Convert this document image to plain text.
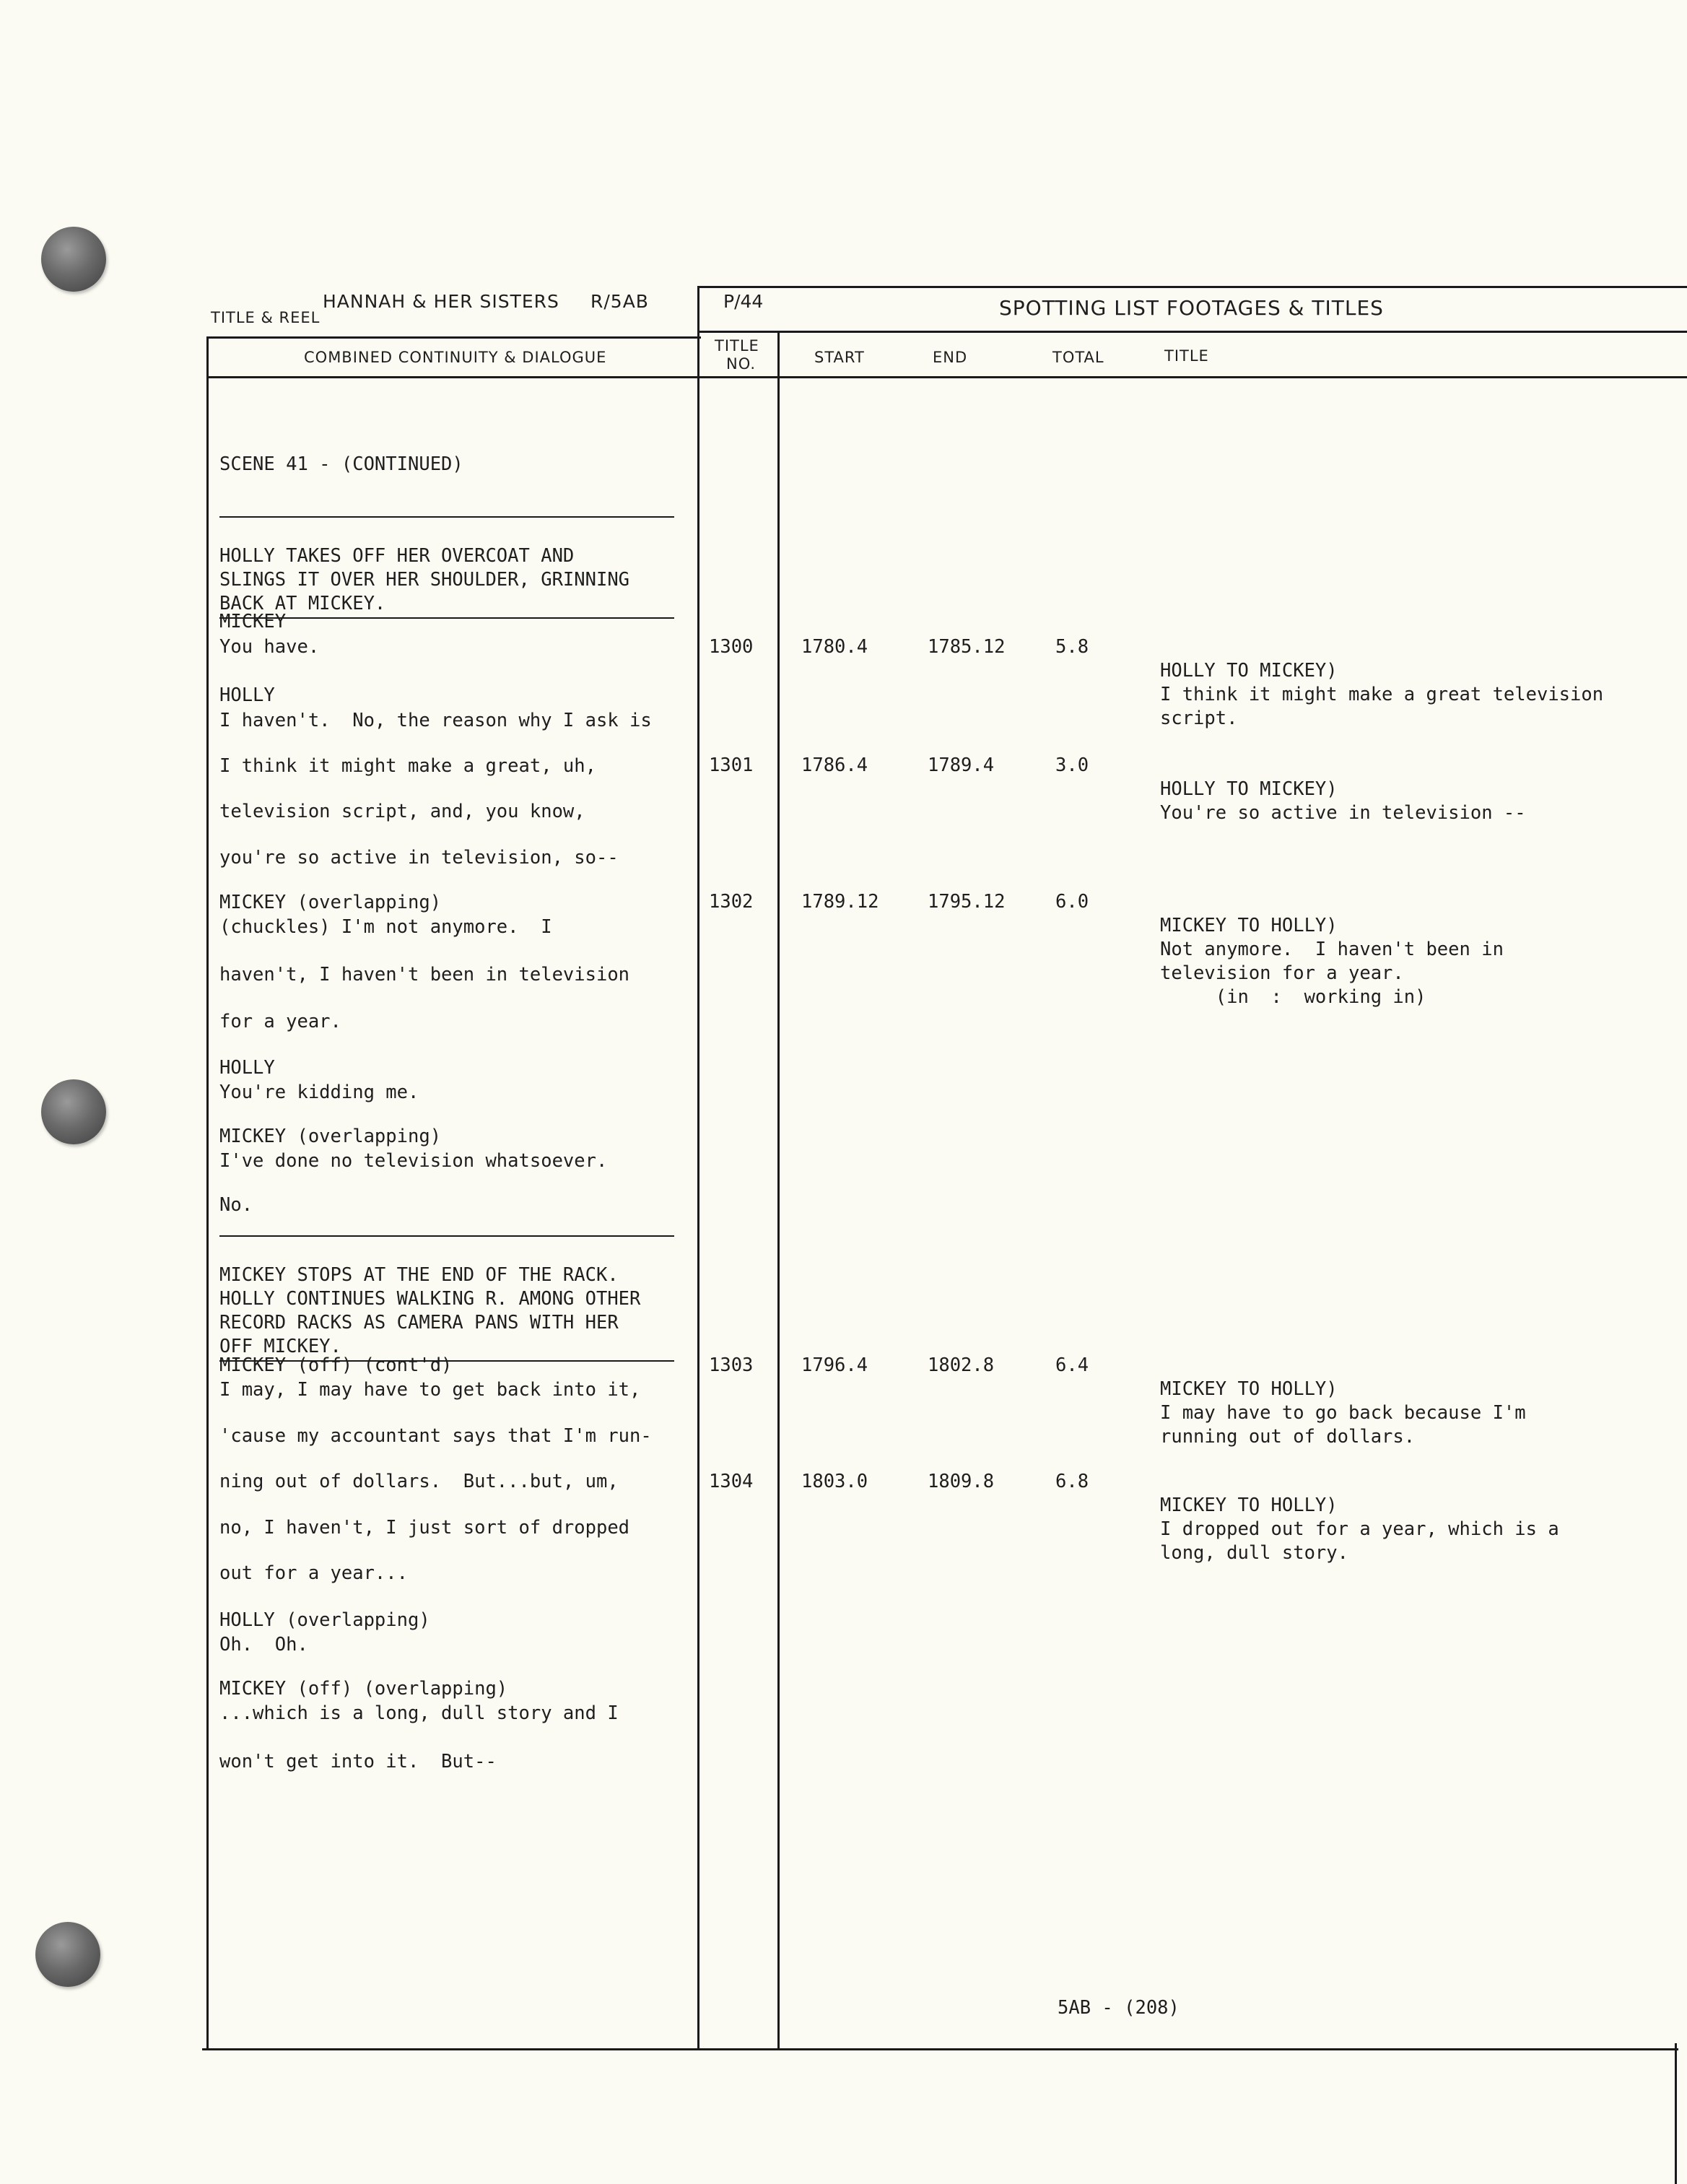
TITLE & REEL
HANNAH & HER SISTERS R/5AB	P/44	SPOTTING LIST FOOTAGES & TITLES
COMBINED CONTINUITY & DIALOGUE
TITLE
NO.	START	END	TOTAL	TITLE
SCENE 41 - (CONTINUED)

HOLLY TAKES OFF HER OVERCOAT AND
SLINGS IT OVER HER SHOULDER, GRINNING
BACK AT MICKEY.
MICKEY
You have.
HOLLY
I haven't.  No, the reason why I ask is
I think it might make a great, uh,
television script, and, you know,
you're so active in television, so--
MICKEY (overlapping)
(chuckles) I'm not anymore.  I
haven't, I haven't been in television
for a year.
HOLLY
You're kidding me.
MICKEY (overlapping)
I've done no television whatsoever.
No.

MICKEY STOPS AT THE END OF THE RACK.
HOLLY CONTINUES WALKING R. AMONG OTHER
RECORD RACKS AS CAMERA PANS WITH HER
OFF MICKEY.
MICKEY (off) (cont'd)
I may, I may have to get back into it,
'cause my accountant says that I'm run-
ning out of dollars.  But...but, um,
no, I haven't, I just sort of dropped
out for a year...
HOLLY (overlapping)
Oh.  Oh.
MICKEY (off) (overlapping)
...which is a long, dull story and I
won't get into it.  But--
1300	1780.4	1785.12	5.8

HOLLY TO MICKEY)
I think it might make a great television
script.
1301	1786.4	1789.4	3.0

HOLLY TO MICKEY)
You're so active in television --
1302	1789.12	1795.12	6.0

MICKEY TO HOLLY)
Not anymore.  I haven't been in
television for a year.
(in  :  working in)
1303	1796.4	1802.8	6.4

MICKEY TO HOLLY)
I may have to go back because I'm
running out of dollars.
1304	1803.0	1809.8	6.8

MICKEY TO HOLLY)
I dropped out for a year, which is a
long, dull story.
5AB - (208)
